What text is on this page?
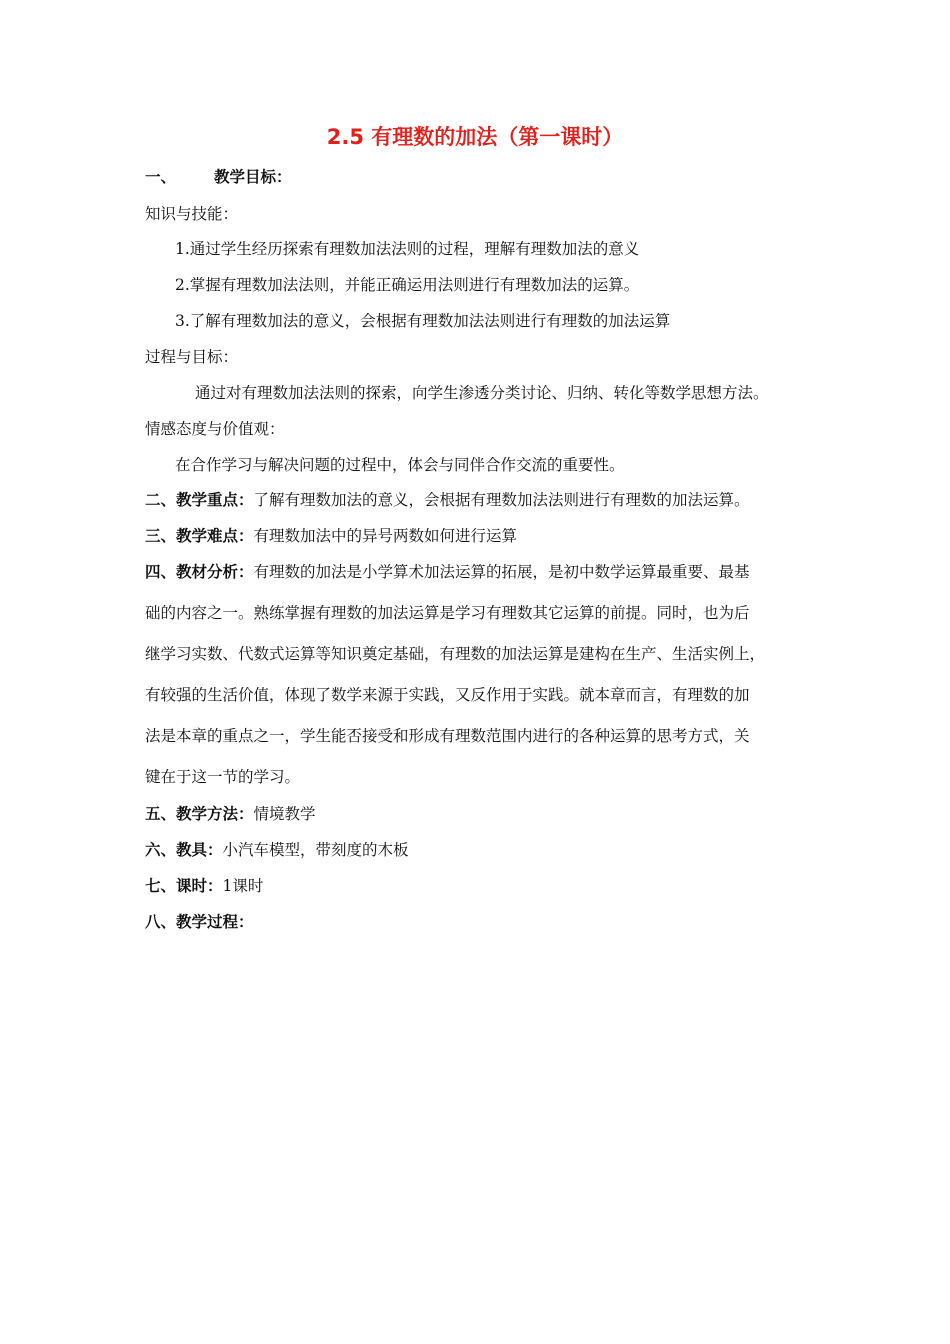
2.5 有理数的加法（第一课时）
一、 教学目标：
知识与技能：
1.通过学生经历探索有理数加法法则的过程，理解有理数加法的意义
2.掌握有理数加法法则，并能正确运用法则进行有理数加法的运算。
3.了解有理数加法的意义，会根据有理数加法法则进行有理数的加法运算
过程与目标：
通过对有理数加法法则的探索，向学生渗透分类讨论、归纳、转化等数学思想方法。
情感态度与价值观：
在合作学习与解决问题的过程中，体会与同伴合作交流的重要性。
二、教学重点：了解有理数加法的意义，会根据有理数加法法则进行有理数的加法运算。
三、教学难点：有理数加法中的异号两数如何进行运算
四、教材分析：有理数的加法是小学算术加法运算的拓展，是初中数学运算最重要、最基
础的内容之一。熟练掌握有理数的加法运算是学习有理数其它运算的前提。同时，也为后
继学习实数、代数式运算等知识奠定基础，有理数的加法运算是建构在生产、生活实例上，
有较强的生活价值，体现了数学来源于实践，又反作用于实践。就本章而言，有理数的加
法是本章的重点之一，学生能否接受和形成有理数范围内进行的各种运算的思考方式，关
键在于这一节的学习。
五、教学方法：情境教学
六、教具：小汽车模型，带刻度的木板
七、课时：1课时
八、教学过程：
